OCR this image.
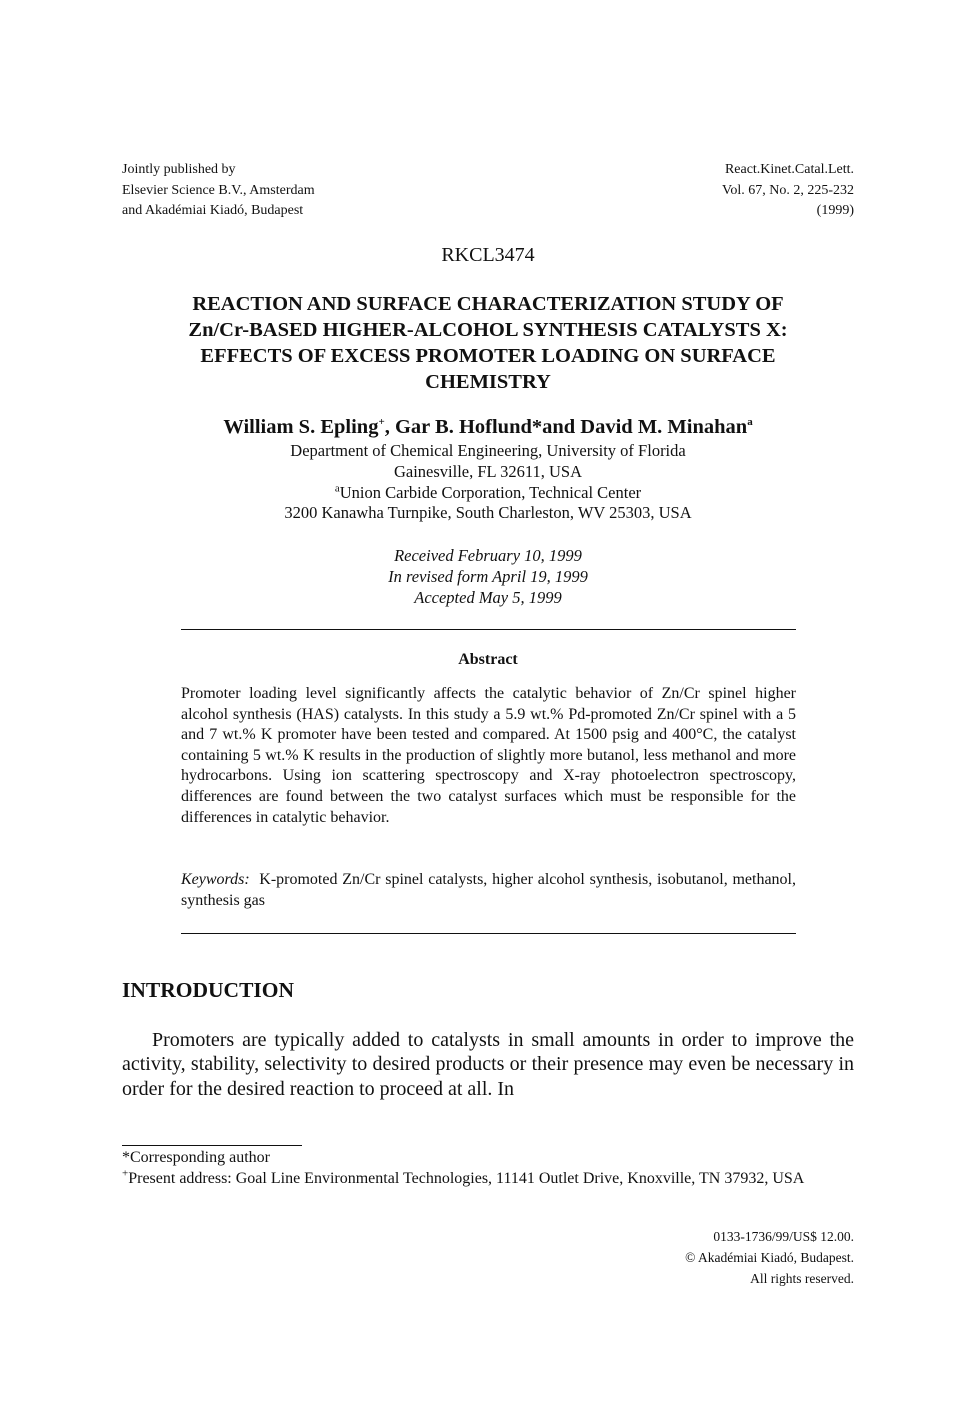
Jointly published by
Elsevier Science B.V., Amsterdam
and Akadémiai Kiadó, Budapest
React.Kinet.Catal.Lett.
Vol. 67, No. 2, 225-232
(1999)
RKCL3474
REACTION AND SURFACE CHARACTERIZATION STUDY OF
Zn/Cr-BASED HIGHER-ALCOHOL SYNTHESIS CATALYSTS X:
EFFECTS OF EXCESS PROMOTER LOADING ON SURFACE
CHEMISTRY
William S. Epling+, Gar B. Hoflund*and David M. Minahan$^a$
Department of Chemical Engineering, University of Florida
Gainesville, FL 32611, USA
$^a$Union Carbide Corporation, Technical Center
3200 Kanawha Turnpike, South Charleston, WV 25303, USA
Received February 10, 1999
In revised form April 19, 1999
Accepted May 5, 1999
Abstract
Promoter loading level significantly affects the catalytic behavior of Zn/Cr spinel higher alcohol synthesis (HAS) catalysts. In this study a 5.9 wt.% Pd-promoted Zn/Cr spinel with a 5 and 7 wt.% K promoter have been tested and compared. At 1500 psig and 400°C, the catalyst containing 5 wt.% K results in the production of slightly more butanol, less methanol and more hydrocarbons. Using ion scattering spectroscopy and X-ray photoelectron spectroscopy, differences are found between the two catalyst surfaces which must be responsible for the differences in catalytic behavior.
Keywords:  K-promoted Zn/Cr spinel catalysts, higher alcohol synthesis, isobutanol, methanol, synthesis gas
INTRODUCTION
Promoters are typically added to catalysts in small amounts in order to improve the activity, stability, selectivity to desired products or their presence may even be necessary in order for the desired reaction to proceed at all. In
*Corresponding author
+Present address: Goal Line Environmental Technologies, 11141 Outlet Drive, Knoxville, TN 37932, USA
0133-1736/99/US$ 12.00.
© Akadémiai Kiadó, Budapest.
All rights reserved.
